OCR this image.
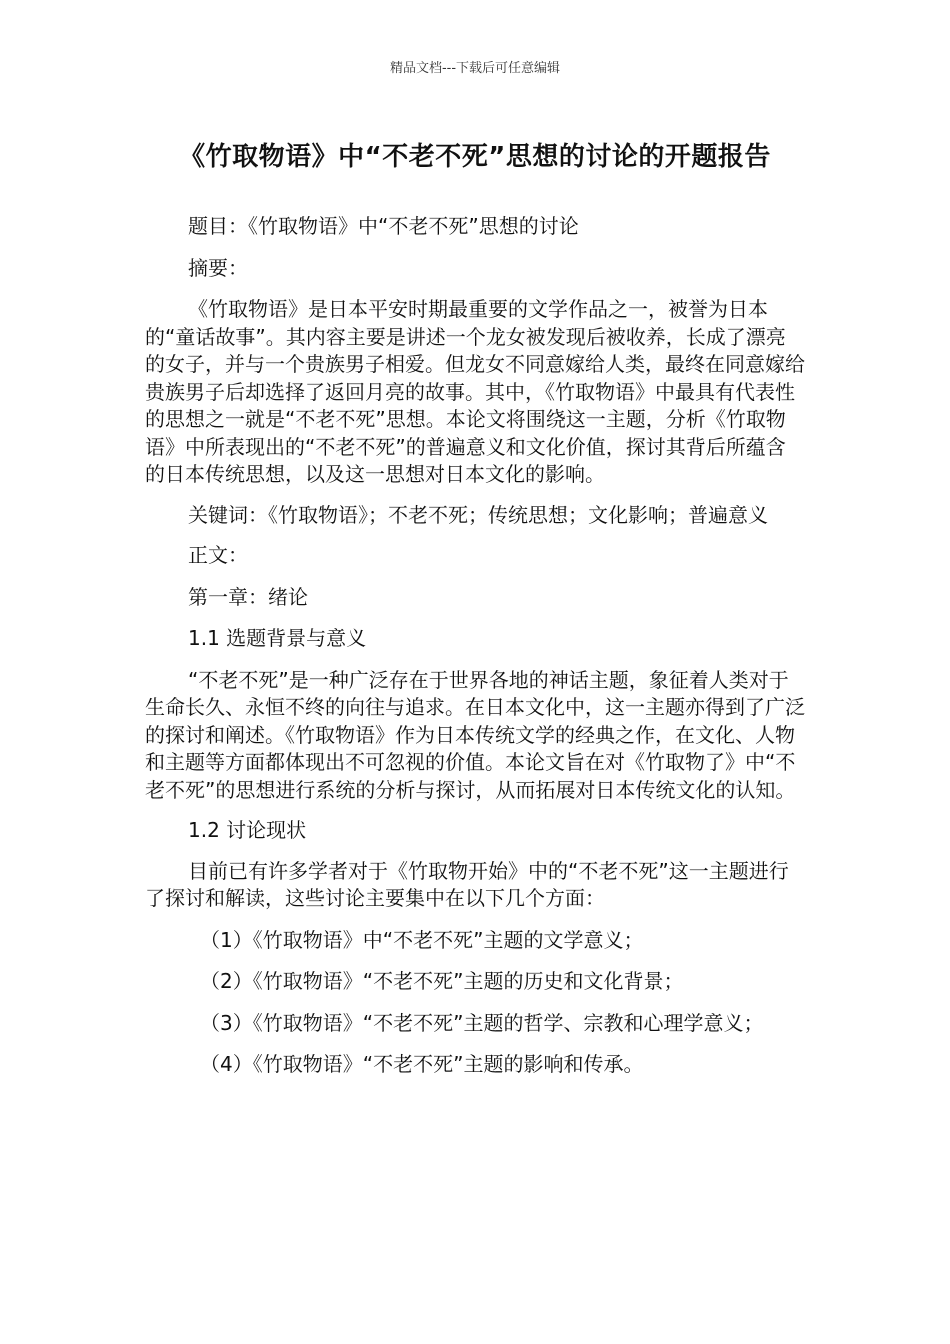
精品文档---下载后可任意编辑
《竹取物语》中“不老不死”思想的讨论的开题报告

题目：《竹取物语》中“不老不死”思想的讨论

摘要：

《竹取物语》是日本平安时期最重要的文学作品之一，被誉为日本的“童话故事”。其内容主要是讲述一个龙女被发现后被收养，长成了漂亮的女子，并与一个贵族男子相爱。但龙女不同意嫁给人类，最终在同意嫁给贵族男子后却选择了返回月亮的故事。其中，《竹取物语》中最具有代表性的思想之一就是“不老不死”思想。本论文将围绕这一主题，分析《竹取物语》中所表现出的“不老不死”的普遍意义和文化价值，探讨其背后所蕴含的日本传统思想，以及这一思想对日本文化的影响。

关键词：《竹取物语》；不老不死；传统思想；文化影响；普遍意义

正文：

第一章：绪论

1.1 选题背景与意义

“不老不死”是一种广泛存在于世界各地的神话主题，象征着人类对于生命长久、永恒不终的向往与追求。在日本文化中，这一主题亦得到了广泛的探讨和阐述。《竹取物语》作为日本传统文学的经典之作，在文化、人物和主题等方面都体现出不可忽视的价值。本论文旨在对《竹取物了》中“不老不死”的思想进行系统的分析与探讨，从而拓展对日本传统文化的认知。

1.2 讨论现状

目前已有许多学者对于《竹取物开始》中的“不老不死”这一主题进行了探讨和解读，这些讨论主要集中在以下几个方面：

（1）《竹取物语》中“不老不死”主题的文学意义；

（2）《竹取物语》“不老不死”主题的历史和文化背景；

（3）《竹取物语》“不老不死”主题的哲学、宗教和心理学意义；

（4）《竹取物语》“不老不死”主题的影响和传承。
